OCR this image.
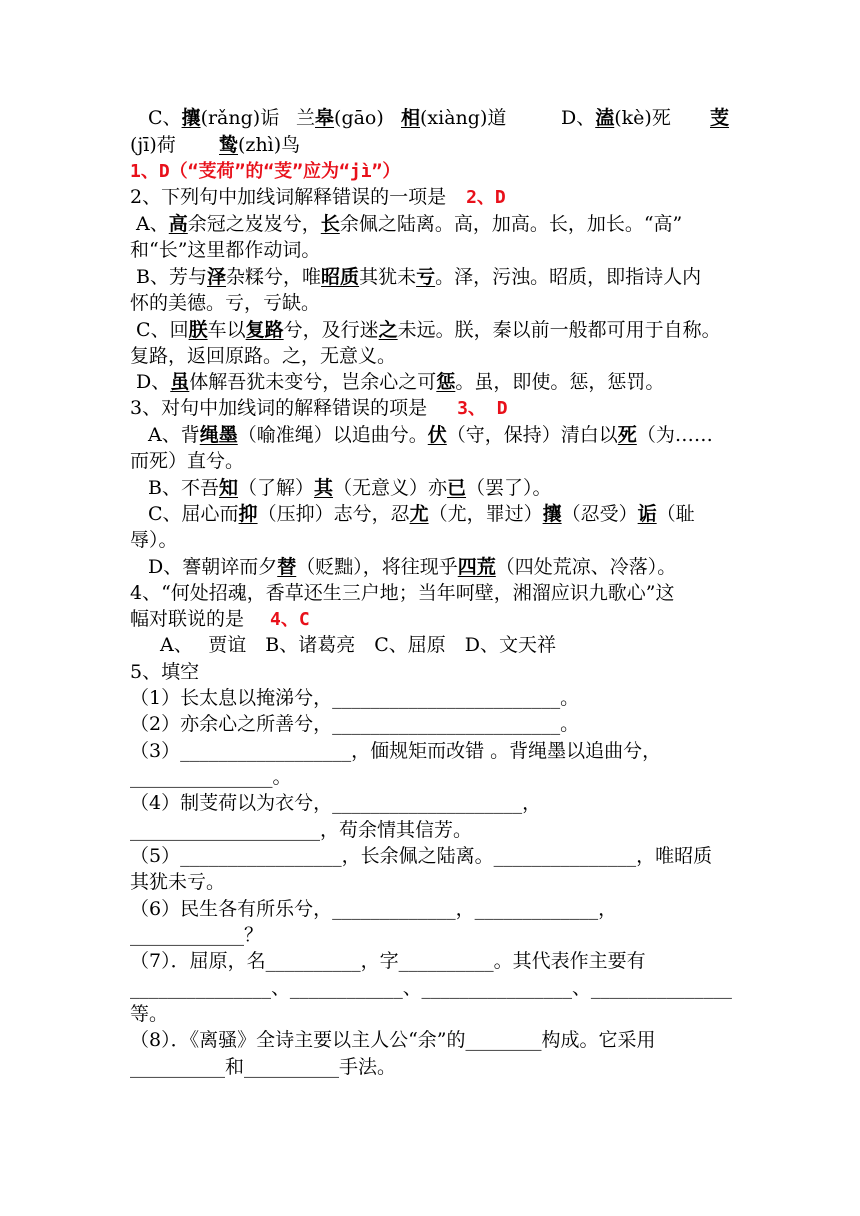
C、攘(rǎng)诟 兰皋(gāo) 相(xiàng)道	D、溘(kè)死 芰
(jī)荷 鸷(zhì)鸟
1、D（“芰荷”的“芰”应为“jì”）
2、下列句中加线词解释错误的一项是 2、D
A、高余冠之岌岌兮，长余佩之陆离。高，加高。长，加长。“高”
和“长”这里都作动词。
B、芳与泽杂糅兮，唯昭质其犹未亏。泽，污浊。昭质，即指诗人内
怀的美德。亏，亏缺。
C、回朕车以复路兮，及行迷之未远。朕，秦以前一般都可用于自称。
复路，返回原路。之，无意义。
D、虽体解吾犹未变兮，岂余心之可惩。虽，即使。惩，惩罚。
3、对句中加线词的解释错误的项是 3、 D
A、背绳墨（喻准绳）以追曲兮。伏（守，保持）清白以死（为……
而死）直兮。
B、不吾知（了解）其（无意义）亦已（罢了）。
C、屈心而抑（压抑）志兮，忍尤（尤，罪过）攘（忍受）诟（耻
辱）。
D、謇朝谇而夕替（贬黜），将往现乎四荒（四处荒凉、冷落）。
4、“何处招魂，香草还生三户地；当年呵壁，湘溜应识九歌心”这
幅对联说的是 4、C
A、　 贾谊　B、诸葛亮　C、屈原　D、文天祥
5、填空
（1）长太息以掩涕兮，________________________。
（2）亦余心之所善兮，________________________。
（3）__________________，偭规矩而改错 。背绳墨以追曲兮，
_______________。
（4）制芰荷以为衣兮，____________________，
____________________，苟余情其信芳。
（5）_________________，长余佩之陆离。_______________，唯昭质
其犹未亏。
（6）民生各有所乐兮，_____________，_____________，
____________？
（7）．屈原，名__________，字__________。其代表作主要有
_______________、____________、________________、_______________
等。
（8）．《离骚》全诗主要以主人公“余”的________构成。它采用
__________和__________手法。
